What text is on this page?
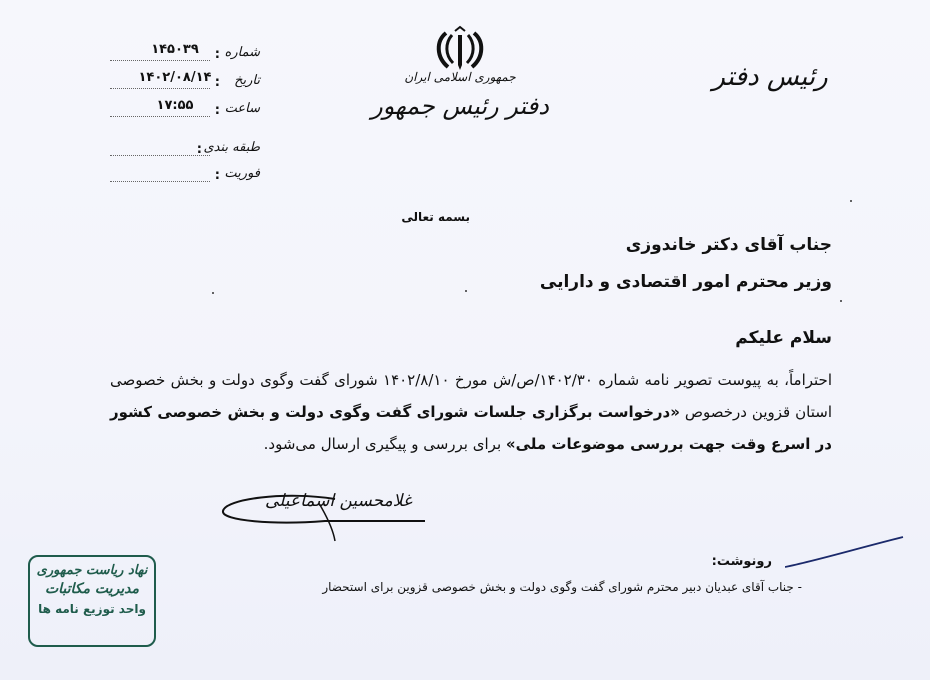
شماره
:
۱۴۵۰۳۹
تاریخ
:
۱۴۰۲/۰۸/۱۴
ساعت
:
۱۷:۵۵
طبقه بندی
:
فوریت
:
جمهوری اسلامی ایران
دفتر رئیس جمهور
رئیس دفتر
بسمه تعالی
جناب آقای دکتر خاندوزی
وزیر محترم امور اقتصادی و دارایی
سلام علیکم
احتراماً، به پیوست تصویر نامه شماره ۱۴۰۲/۳۰/ص/ش مورخ ۱۴۰۲/۸/۱۰ شورای گفت وگوی دولت و بخش خصوصی استان قزوین درخصوص «درخواست برگزاری جلسات شورای گفت وگوی دولت و بخش خصوصی کشور در اسرع وقت جهت بررسی موضوعات ملی» برای بررسی و پیگیری ارسال می‌شود.
غلامحسین اسماعیلی
رونوشت:
- جناب آقای عبدیان دبیر محترم شورای گفت وگوی دولت و بخش خصوصی قزوین برای استحضار
نهاد ریاست جمهوری
مدیریت مکاتبات
واحد توزیع نامه ها
